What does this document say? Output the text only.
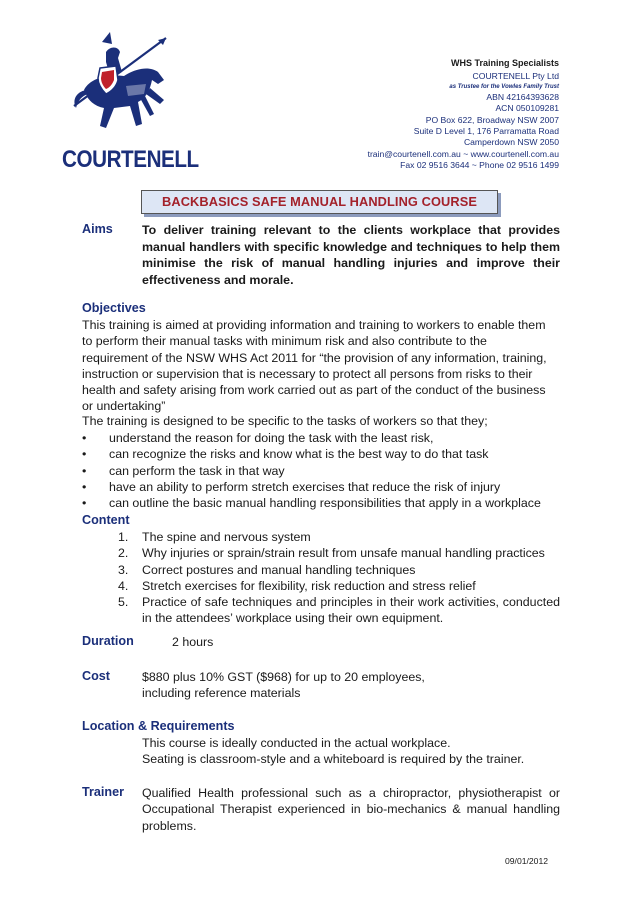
COURTENELL
WHS Training Specialists
COURTENELL Pty Ltd
as Trustee for the Vowles Family Trust
ABN 42164393628
ACN 050109281
PO Box 622, Broadway NSW 2007
Suite D Level 1, 176 Parramatta Road
Camperdown NSW 2050
train@courtenell.com.au ~ www.courtenell.com.au
Fax 02 9516 3644 ~ Phone 02 9516 1499
BACKBASICS SAFE MANUAL HANDLING COURSE
Aims To deliver training relevant to the clients workplace that provides manual handlers with specific knowledge and techniques to help them minimise the risk of manual handling injuries and improve their effectiveness and morale.
Objectives
This training is aimed at providing information and training to workers to enable them to perform their manual tasks with minimum risk and also contribute to the requirement of the NSW WHS Act 2011 for “the provision of any information, training, instruction or supervision that is necessary to protect all persons from risks to their health and safety arising from work carried out as part of the conduct of the business or undertaking”
The training is designed to be specific to the tasks of workers so that they;
• understand the reason for doing the task with the least risk,
• can recognize the risks and know what is the best way to do that task
• can perform the task in that way
• have an ability to perform stretch exercises that reduce the risk of injury
• can outline the basic manual handling responsibilities that apply in a workplace
Content
1. The spine and nervous system
2. Why injuries or sprain/strain result from unsafe manual handling practices
3. Correct postures and manual handling techniques
4. Stretch exercises for flexibility, risk reduction and stress relief
5. Practice of safe techniques and principles in their work activities, conducted in the attendees’ workplace using their own equipment.
Duration	2 hours
Cost	$880 plus 10% GST ($968) for up to 20 employees,
including reference materials
Location & Requirements
This course is ideally conducted in the actual workplace.
Seating is classroom-style and a whiteboard is required by the trainer.
Trainer Qualified Health professional such as a chiropractor, physiotherapist or Occupational Therapist experienced in bio-mechanics & manual handling problems.
09/01/2012
